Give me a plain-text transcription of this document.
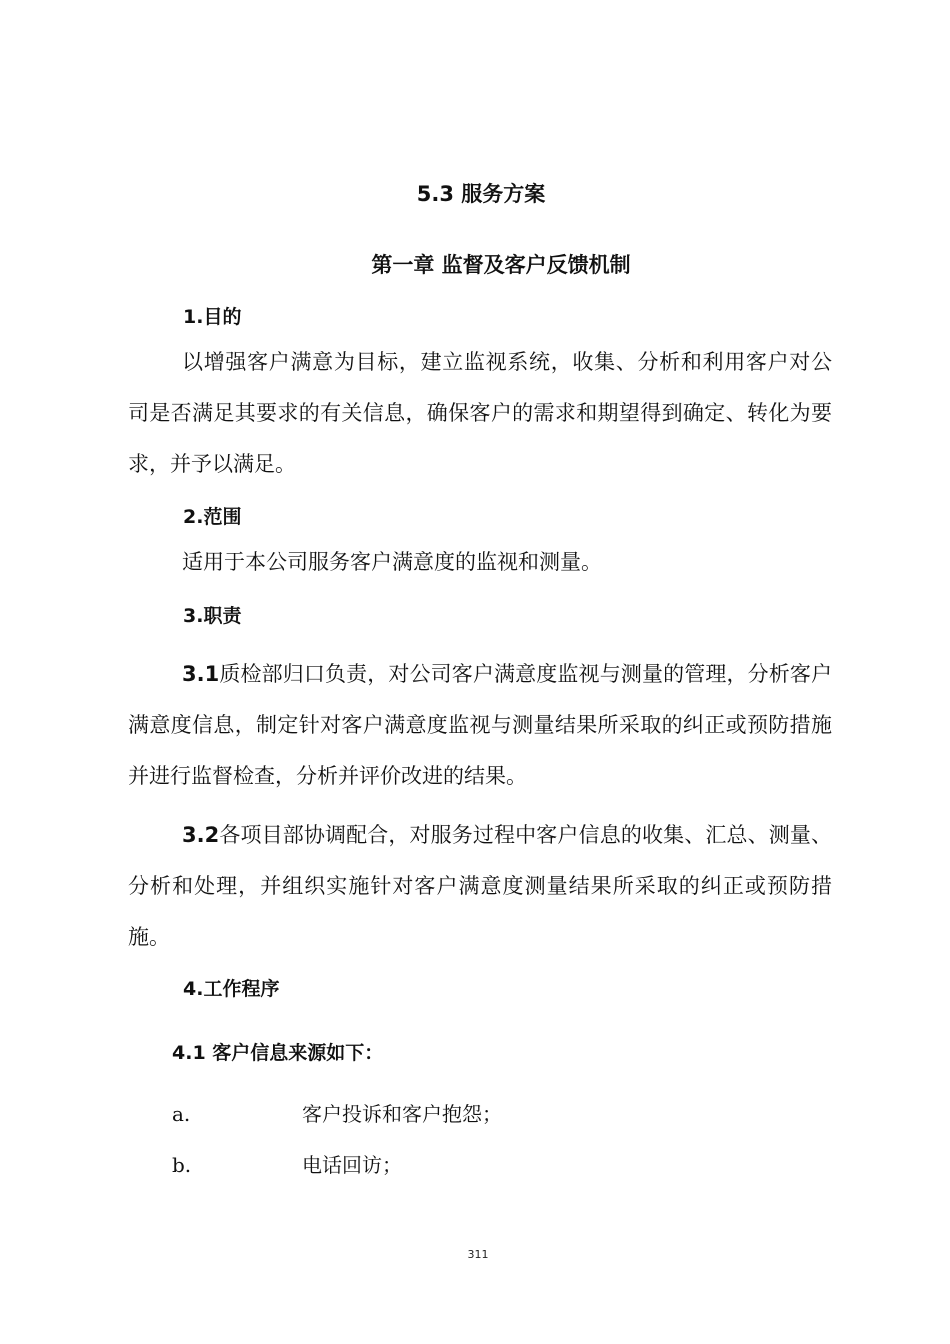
5.3 服务方案
第一章 监督及客户反馈机制
1.目的
以增强客户满意为目标，建立监视系统，收集、分析和利用客户对公司是否满足其要求的有关信息，确保客户的需求和期望得到确定、转化为要求，并予以满足。
2.范围
适用于本公司服务客户满意度的监视和测量。
3.职责
3.1质检部归口负责，对公司客户满意度监视与测量的管理，分析客户满意度信息，制定针对客户满意度监视与测量结果所采取的纠正或预防措施并进行监督检查，分析并评价改进的结果。
3.2各项目部协调配合，对服务过程中客户信息的收集、汇总、测量、分析和处理，并组织实施针对客户满意度测量结果所采取的纠正或预防措施。
4.工作程序
4.1 客户信息来源如下：
a.	客户投诉和客户抱怨；
b.	电话回访；
311
